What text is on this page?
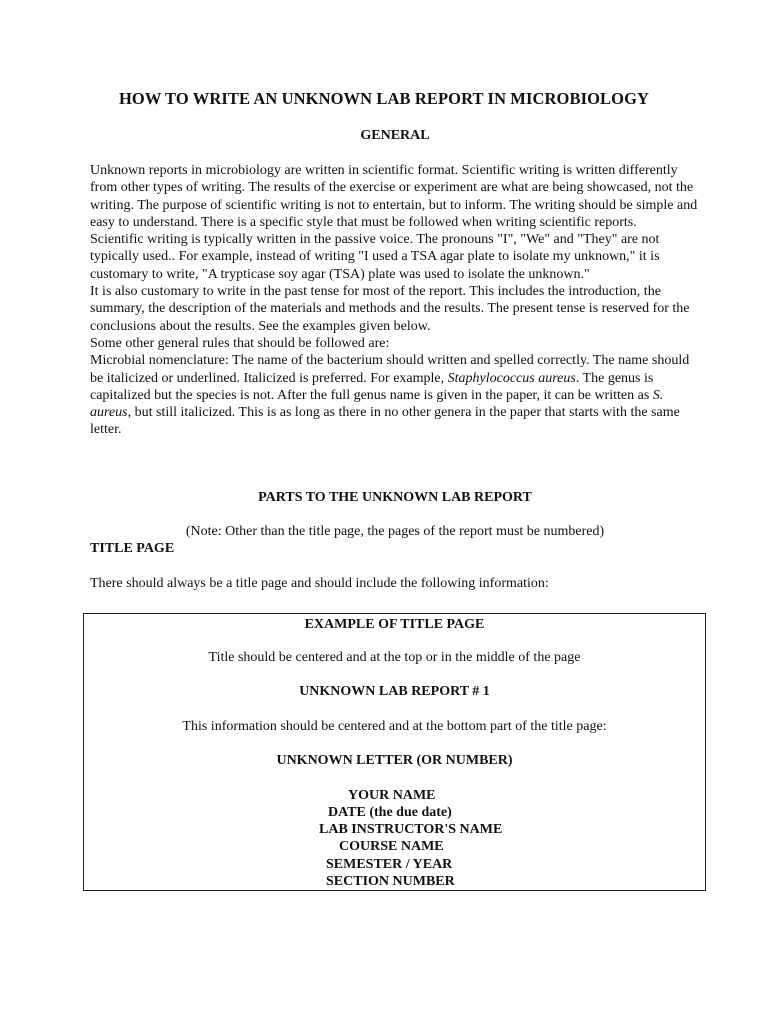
HOW TO WRITE AN UNKNOWN LAB REPORT IN MICROBIOLOGY
GENERAL

Unknown reports in microbiology are written in scientific format. Scientific writing is written differently from other types of writing. The results of the exercise or experiment are what are being showcased, not the writing. The purpose of scientific writing is not to entertain, but to inform. The writing should be simple and easy to understand. There is a specific style that must be followed when writing scientific reports.

Scientific writing is typically written in the passive voice. The pronouns "I", "We" and "They" are not typically used.. For example, instead of writing "I used a TSA agar plate to isolate my unknown," it is customary to write, "A trypticase soy agar (TSA) plate was used to isolate the unknown."

It is also customary to write in the past tense for most of the report. This includes the introduction, the summary, the description of the materials and methods and the results. The present tense is reserved for the conclusions about the results. See the examples given below.

Some other general rules that should be followed are:

Microbial nomenclature: The name of the bacterium should written and spelled correctly. The name should be italicized or underlined. Italicized is preferred. For example, Staphylococcus aureus. The genus is capitalized but the species is not. After the full genus name is given in the paper, it can be written as S. aureus, but still italicized. This is as long as there in no other genera in the paper that starts with the same letter.

PARTS TO THE UNKNOWN LAB REPORT
(Note: Other than the title page, the pages of the report must be numbered)
TITLE PAGE
There should always be a title page and should include the following information:
EXAMPLE OF TITLE PAGE
Title should be centered and at the top or in the middle of the page
UNKNOWN LAB REPORT # 1
This information should be centered and at the bottom part of the title page:
UNKNOWN LETTER (OR NUMBER)
YOUR NAME
DATE (the due date)
LAB INSTRUCTOR'S NAME
COURSE NAME
SEMESTER / YEAR
SECTION NUMBER
